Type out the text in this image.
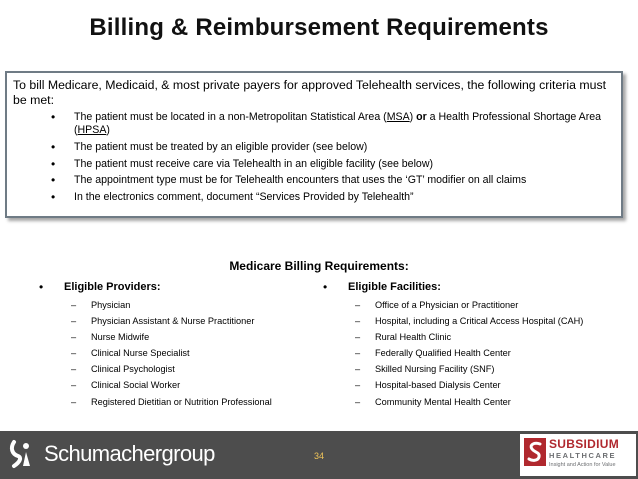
Billing & Reimbursement Requirements

To bill Medicare, Medicaid, & most private payers for approved Telehealth services, the following criteria must be met:

• The patient must be located in a non-Metropolitan Statistical Area (MSA) or a Health Professional Shortage Area (HPSA)
• The patient must be treated by an eligible provider (see below)
• The patient must receive care via Telehealth in an eligible facility (see below)
• The appointment type must be for Telehealth encounters that uses the ‘GT’ modifier on all claims
• In the electronics comment, document “Services Provided by Telehealth”
Medicare Billing Requirements:
• Eligible Providers:
– Physician
– Physician Assistant & Nurse Practitioner
– Nurse Midwife
– Clinical Nurse Specialist
– Clinical Psychologist
– Clinical Social Worker
– Registered Dietitian or Nutrition Professional
• Eligible Facilities:
– Office of a Physician or Practitioner
– Hospital, including a Critical Access Hospital (CAH)
– Rural Health Clinic
– Federally Qualified Health Center
– Skilled Nursing Facility (SNF)
– Hospital-based Dialysis Center
– Community Mental Health Center
Schumachergroup	34
SUBSIDIUM
HEALTHCARE
Insight and Action for Value
